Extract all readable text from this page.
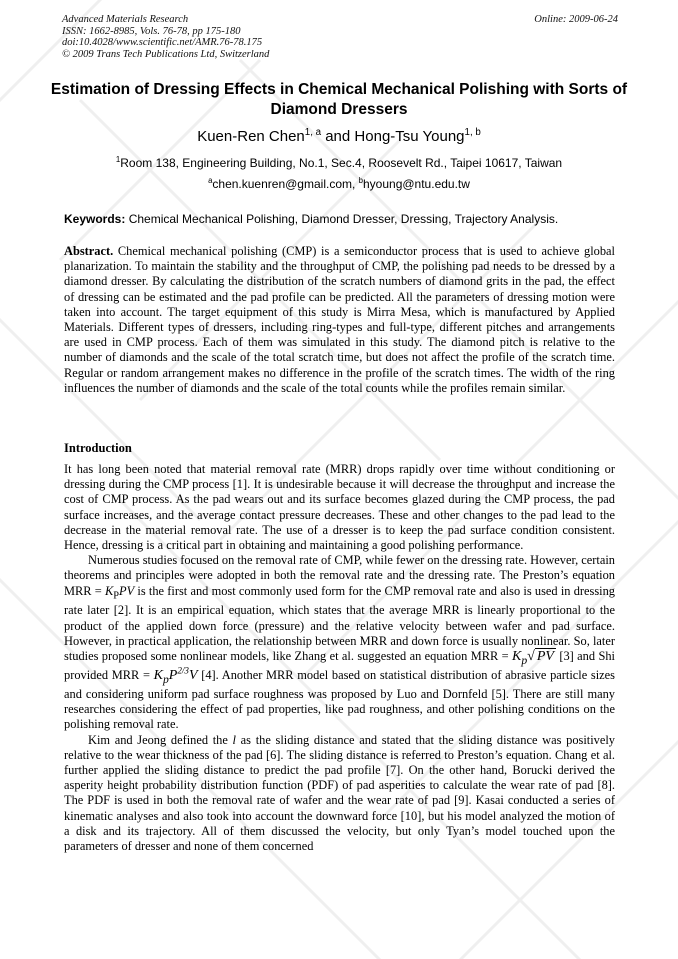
Advanced Materials Research
ISSN: 1662-8985, Vols. 76-78, pp 175-180
doi:10.4028/www.scientific.net/AMR.76-78.175
© 2009 Trans Tech Publications Ltd, Switzerland
Online: 2009-06-24
Estimation of Dressing Effects in Chemical Mechanical Polishing with Sorts of Diamond Dressers
Kuen-Ren Chen$^{1, a}$ and Hong-Tsu Young$^{1, b}$
$^1$Room 138, Engineering Building, No.1, Sec.4, Roosevelt Rd., Taipei 10617, Taiwan
$^a$chen.kuenren@gmail.com, $^b$hyoung@ntu.edu.tw
Keywords: Chemical Mechanical Polishing, Diamond Dresser, Dressing, Trajectory Analysis.
Abstract. Chemical mechanical polishing (CMP) is a semiconductor process that is used to achieve global planarization. To maintain the stability and the throughput of CMP, the polishing pad needs to be dressed by a diamond dresser. By calculating the distribution of the scratch numbers of diamond grits in the pad, the effect of dressing can be estimated and the pad profile can be predicted. All the parameters of dressing motion were taken into account. The target equipment of this study is Mirra Mesa, which is manufactured by Applied Materials. Different types of dressers, including ring-types and full-type, different pitches and arrangements are used in CMP process. Each of them was simulated in this study. The diamond pitch is relative to the number of diamonds and the scale of the total scratch time, but does not affect the profile of the scratch time. Regular or random arrangement makes no difference in the profile of the scratch times. The width of the ring influences the number of diamonds and the scale of the total counts while the profiles remain similar.
Introduction

It has long been noted that material removal rate (MRR) drops rapidly over time without conditioning or dressing during the CMP process [1]. It is undesirable because it will decrease the throughput and increase the cost of CMP process. As the pad wears out and its surface becomes glazed during the CMP process, the pad surface increases, and the average contact pressure decreases. These and other changes to the pad lead to the decrease in the material removal rate. The use of a dresser is to keep the pad surface condition consistent. Hence, dressing is a critical part in obtaining and maintaining a good polishing performance.

Numerous studies focused on the removal rate of CMP, while fewer on the dressing rate. However, certain theorems and principles were adopted in both the removal rate and the dressing rate. The Preston’s equation MRR = $K_PPV$ is the first and most commonly used form for the CMP removal rate and also is used in dressing rate later [2]. It is an empirical equation, which states that the average MRR is linearly proportional to the product of the applied down force (pressure) and the relative velocity between wafer and pad surface. However, in practical application, the relationship between MRR and down force is usually nonlinear. So, later studies proposed some nonlinear models, like Zhang et al. suggested an equation MRR = $K_p√$ PV [3] and Shi provided MRR = $K_pP^{2/3}V$ [4]. Another MRR model based on statistical distribution of abrasive particle sizes and considering uniform pad surface roughness was proposed by Luo and Dornfeld [5]. There are still many researches considering the effect of pad properties, like pad roughness, and other polishing conditions on the polishing removal rate.

Kim and Jeong defined the l as the sliding distance and stated that the sliding distance was positively relative to the wear thickness of the pad [6]. The sliding distance is referred to Preston’s equation. Chang et al. further applied the sliding distance to predict the pad profile [7]. On the other hand, Borucki derived the asperity height probability distribution function (PDF) of pad asperities to calculate the wear rate of pad [8]. The PDF is used in both the removal rate of wafer and the wear rate of pad [9]. Kasai conducted a series of kinematic analyses and also took into account the downward force [10], but his model analyzed the motion of a disk and its trajectory. All of them discussed the velocity, but only Tyan’s model touched upon the parameters of dresser and none of them concerned
